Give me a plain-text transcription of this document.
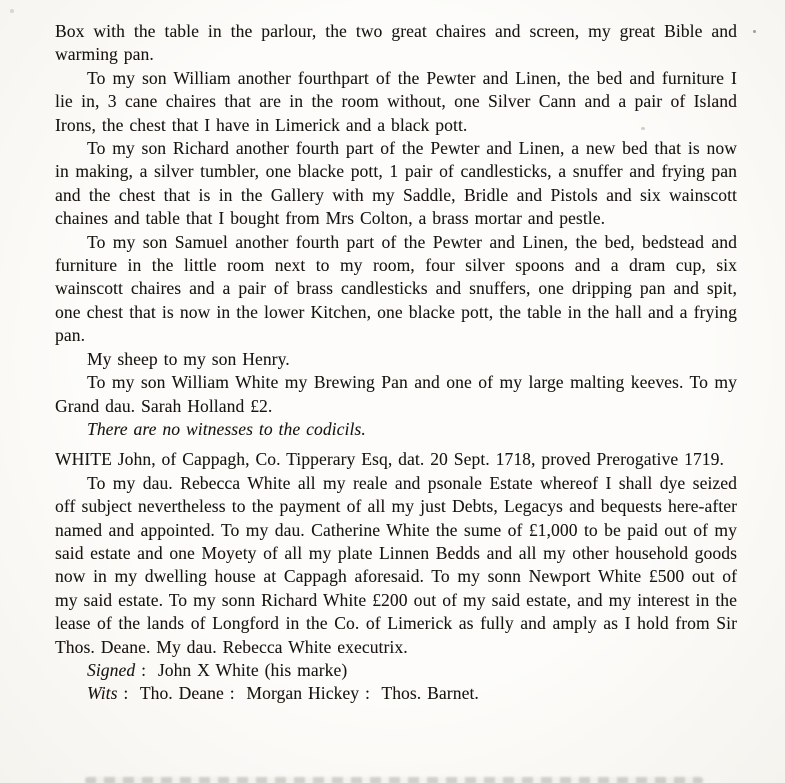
Box with the table in the parlour, the two great chaires and screen, my great Bible and warming pan.

To my son William another fourthpart of the Pewter and Linen, the bed and furniture I lie in, 3 cane chaires that are in the room without, one Silver Cann and a pair of Island Irons, the chest that I have in Limerick and a black pott.

To my son Richard another fourth part of the Pewter and Linen, a new bed that is now in making, a silver tumbler, one blacke pott, 1 pair of candlesticks, a snuffer and frying pan and the chest that is in the Gallery with my Saddle, Bridle and Pistols and six wainscott chaines and table that I bought from Mrs Colton, a brass mortar and pestle.

To my son Samuel another fourth part of the Pewter and Linen, the bed, bedstead and furniture in the little room next to my room, four silver spoons and a dram cup, six wainscott chaires and a pair of brass candlesticks and snuffers, one dripping pan and spit, one chest that is now in the lower Kitchen, one blacke pott, the table in the hall and a frying pan.

My sheep to my son Henry.

To my son William White my Brewing Pan and one of my large malting keeves. To my Grand dau. Sarah Holland £2.

There are no witnesses to the codicils.

WHITE John, of Cappagh, Co. Tipperary Esq, dat. 20 Sept. 1718, proved Prerogative 1719.

To my dau. Rebecca White all my reale and psonale Estate whereof I shall dye seized off subject nevertheless to the payment of all my just Debts, Legacys and bequests here-after named and appointed. To my dau. Catherine White the sume of £1,000 to be paid out of my said estate and one Moyety of all my plate Linnen Bedds and all my other household goods now in my dwelling house at Cappagh aforesaid. To my sonn Newport White £500 out of my said estate. To my sonn Richard White £200 out of my said estate, and my interest in the lease of the lands of Longford in the Co. of Limerick as fully and amply as I hold from Sir Thos. Deane. My dau. Rebecca White executrix.

Signed :  John X White (his marke)

Wits :  Tho. Deane :  Morgan Hickey :  Thos. Barnet.
